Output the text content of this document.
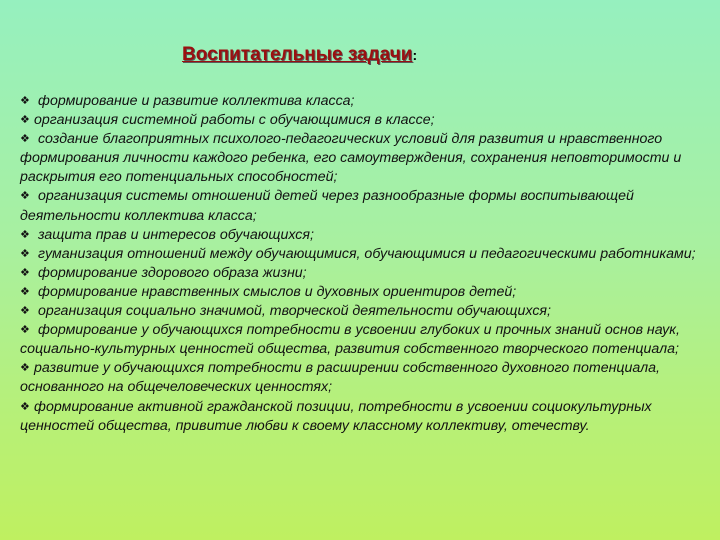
Воспитательные задачи:
❖ формирование и развитие коллектива класса;
❖ организация системной работы с обучающимися в классе;
❖ создание благоприятных психолого-педагогических условий для развития и нравственного формирования личности каждого ребенка, его самоутверждения, сохранения неповторимости и раскрытия его потенциальных способностей;
❖ организация системы отношений детей через разнообразные формы воспитывающей деятельности коллектива класса;
❖ защита прав и интересов обучающихся;
❖ гуманизация отношений между обучающимися, обучающимися и педагогическими работниками;
❖ формирование здорового образа жизни;
❖ формирование нравственных смыслов и духовных ориентиров детей;
❖ организация социально значимой, творческой деятельности обучающихся;
❖ формирование у обучающихся потребности в усвоении глубоких и прочных знаний основ наук, социально-культурных ценностей общества, развития собственного творческого потенциала;
❖ развитие у обучающихся потребности в расширении собственного духовного потенциала, основанного на общечеловеческих ценностях;
❖ формирование активной гражданской позиции, потребности в усвоении социокультурных ценностей общества, привитие любви к своему классному коллективу, отечеству.
